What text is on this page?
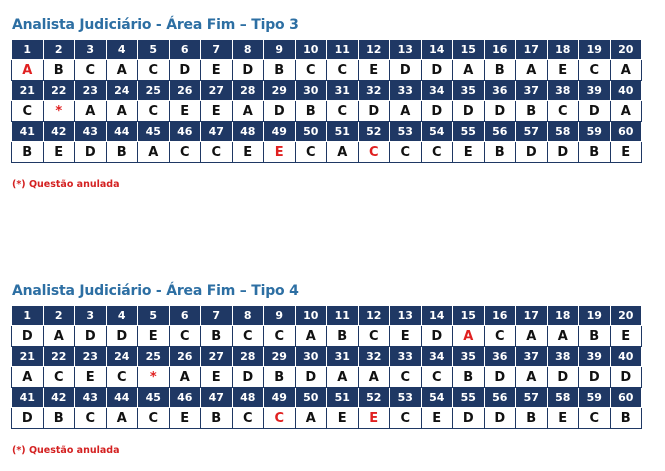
Analista Judiciário - Área Fim – Tipo 3
1	2	3	4	5	6	7	8	9	10	11	12	13	14	15	16	17	18	19	20
A	B	C	A	C	D	E	D	B	C	C	E	D	D	A	B	A	E	C	A
21	22	23	24	25	26	27	28	29	30	31	32	33	34	35	36	37	38	39	40
C	*	A	A	C	E	E	A	D	B	C	D	A	D	D	D	B	C	D	A
41	42	43	44	45	46	47	48	49	50	51	52	53	54	55	56	57	58	59	60
B	E	D	B	A	C	C	E	E	C	A	C	C	C	E	B	D	D	B	E
(*) Questão anulada
Analista Judiciário - Área Fim – Tipo 4
1	2	3	4	5	6	7	8	9	10	11	12	13	14	15	16	17	18	19	20
D	A	D	D	E	C	B	C	C	A	B	C	E	D	A	C	A	A	B	E
21	22	23	24	25	26	27	28	29	30	31	32	33	34	35	36	37	38	39	40
A	C	E	C	*	A	E	D	B	D	A	A	C	C	B	D	A	D	D	D
41	42	43	44	45	46	47	48	49	50	51	52	53	54	55	56	57	58	59	60
D	B	C	A	C	E	B	C	C	A	E	E	C	E	D	D	B	E	C	B
(*) Questão anulada
